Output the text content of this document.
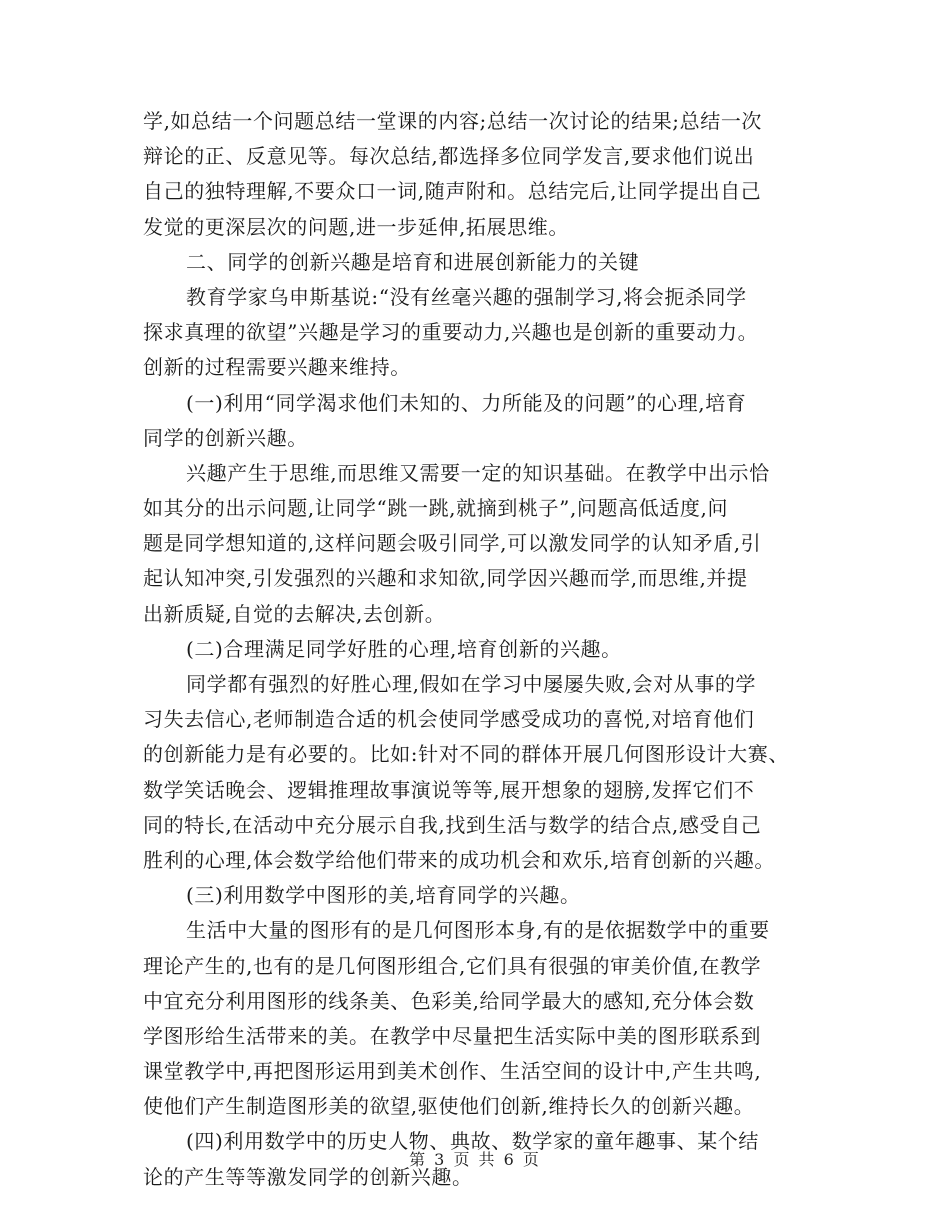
学,如总结一个问题总结一堂课的内容;总结一次讨论的结果;总结一次
辩论的正、反意见等。每次总结,都选择多位同学发言,要求他们说出
自己的独特理解,不要众口一词,随声附和。总结完后,让同学提出自己
发觉的更深层次的问题,进一步延伸,拓展思维。
二、同学的创新兴趣是培育和进展创新能力的关键
教育学家乌申斯基说:“没有丝毫兴趣的强制学习,将会扼杀同学
探求真理的欲望”兴趣是学习的重要动力,兴趣也是创新的重要动力。
创新的过程需要兴趣来维持。
(一)利用“同学渴求他们未知的、力所能及的问题”的心理,培育
同学的创新兴趣。
兴趣产生于思维,而思维又需要一定的知识基础。在教学中出示恰
如其分的出示问题,让同学“跳一跳,就摘到桃子”,问题高低适度,问
题是同学想知道的,这样问题会吸引同学,可以激发同学的认知矛盾,引
起认知冲突,引发强烈的兴趣和求知欲,同学因兴趣而学,而思维,并提
出新质疑,自觉的去解决,去创新。
(二)合理满足同学好胜的心理,培育创新的兴趣。
同学都有强烈的好胜心理,假如在学习中屡屡失败,会对从事的学
习失去信心,老师制造合适的机会使同学感受成功的喜悦,对培育他们
的创新能力是有必要的。比如:针对不同的群体开展几何图形设计大赛、
数学笑话晚会、逻辑推理故事演说等等,展开想象的翅膀,发挥它们不
同的特长,在活动中充分展示自我,找到生活与数学的结合点,感受自己
胜利的心理,体会数学给他们带来的成功机会和欢乐,培育创新的兴趣。
(三)利用数学中图形的美,培育同学的兴趣。
生活中大量的图形有的是几何图形本身,有的是依据数学中的重要
理论产生的,也有的是几何图形组合,它们具有很强的审美价值,在教学
中宜充分利用图形的线条美、色彩美,给同学最大的感知,充分体会数
学图形给生活带来的美。在教学中尽量把生活实际中美的图形联系到
课堂教学中,再把图形运用到美术创作、生活空间的设计中,产生共鸣,
使他们产生制造图形美的欲望,驱使他们创新,维持长久的创新兴趣。
(四)利用数学中的历史人物、典故、数学家的童年趣事、某个结
论的产生等等激发同学的创新兴趣。
第 3 页 共 6 页
